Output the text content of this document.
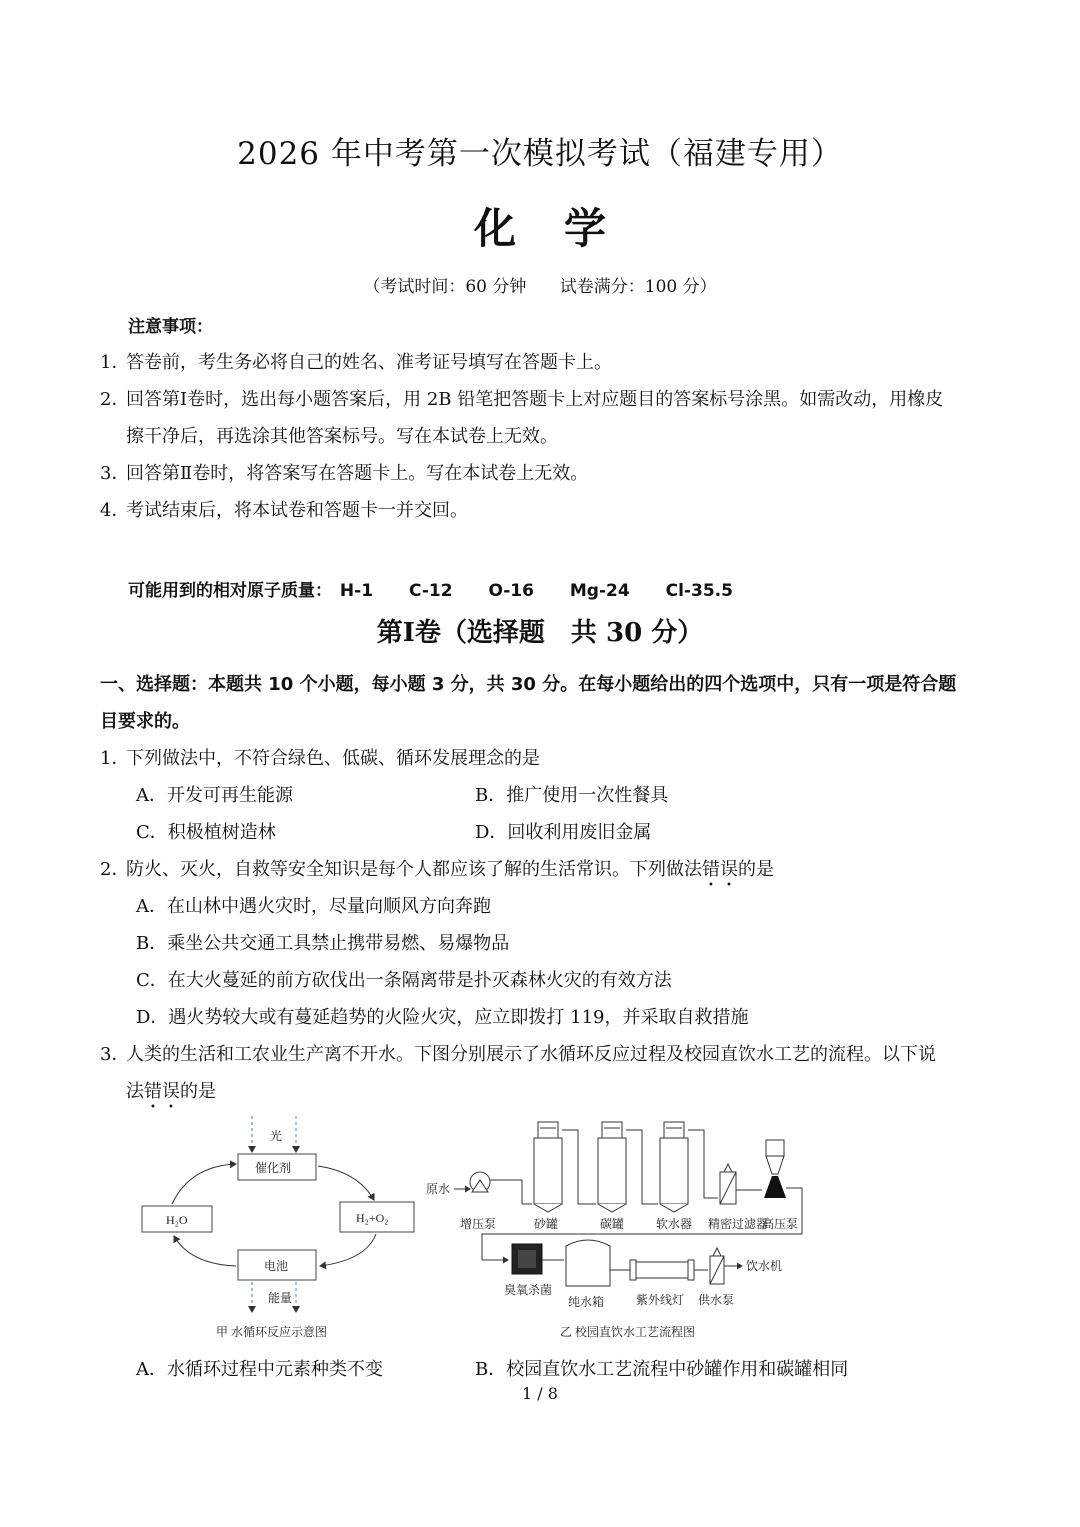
2026 年中考第一次模拟考试（福建专用）
化学
（考试时间：60 分钟 试卷满分：100 分）
注意事项：
1．答卷前，考生务必将自己的姓名、准考证号填写在答题卡上。
2．回答第Ⅰ卷时，选出每小题答案后，用 2B 铅笔把答题卡上对应题目的答案标号涂黑。如需改动，用橡皮
擦干净后，再选涂其他答案标号。写在本试卷上无效。
3．回答第Ⅱ卷时，将答案写在答题卡上。写在本试卷上无效。
4．考试结束后，将本试卷和答题卡一并交回。
可能用到的相对原子质量： H-1 C-12 O-16 Mg-24 Cl-35.5
第Ⅰ卷（选择题　共 30 分）
一、选择题：本题共 10 个小题，每小题 3 分，共 30 分。在每小题给出的四个选项中，只有一项是符合题
目要求的。
1．下列做法中，不符合绿色、低碳、循环发展理念的是
A．开发可再生能源	B．推广使用一次性餐具
C．积极植树造林	D．回收利用废旧金属
2．防火、灭火，自救等安全知识是每个人都应该了解的生活常识。下列做法错误的是
A．在山林中遇火灾时，尽量向顺风方向奔跑
B．乘坐公共交通工具禁止携带易燃、易爆物品
C．在大火蔓延的前方砍伐出一条隔离带是扑灭森林火灾的有效方法
D．遇火势较大或有蔓延趋势的火险火灾，应立即拨打 119，并采取自救措施
3．人类的生活和工农业生产离不开水。下图分别展示了水循环反应过程及校园直饮水工艺的流程。以下说
法错误的是
光
催化剂
H₂O	H₂+O₂
电池
能量
甲 水循环反应示意图
原水
增压泵	砂罐	碳罐	软水器 精密过滤器
高压泵
饮水机
臭氧杀菌
纯水箱	紫外线灯 供水泵
乙 校园直饮水工艺流程图
A．水循环过程中元素种类不变	B．校园直饮水工艺流程中砂罐作用和碳罐相同
1 / 8
